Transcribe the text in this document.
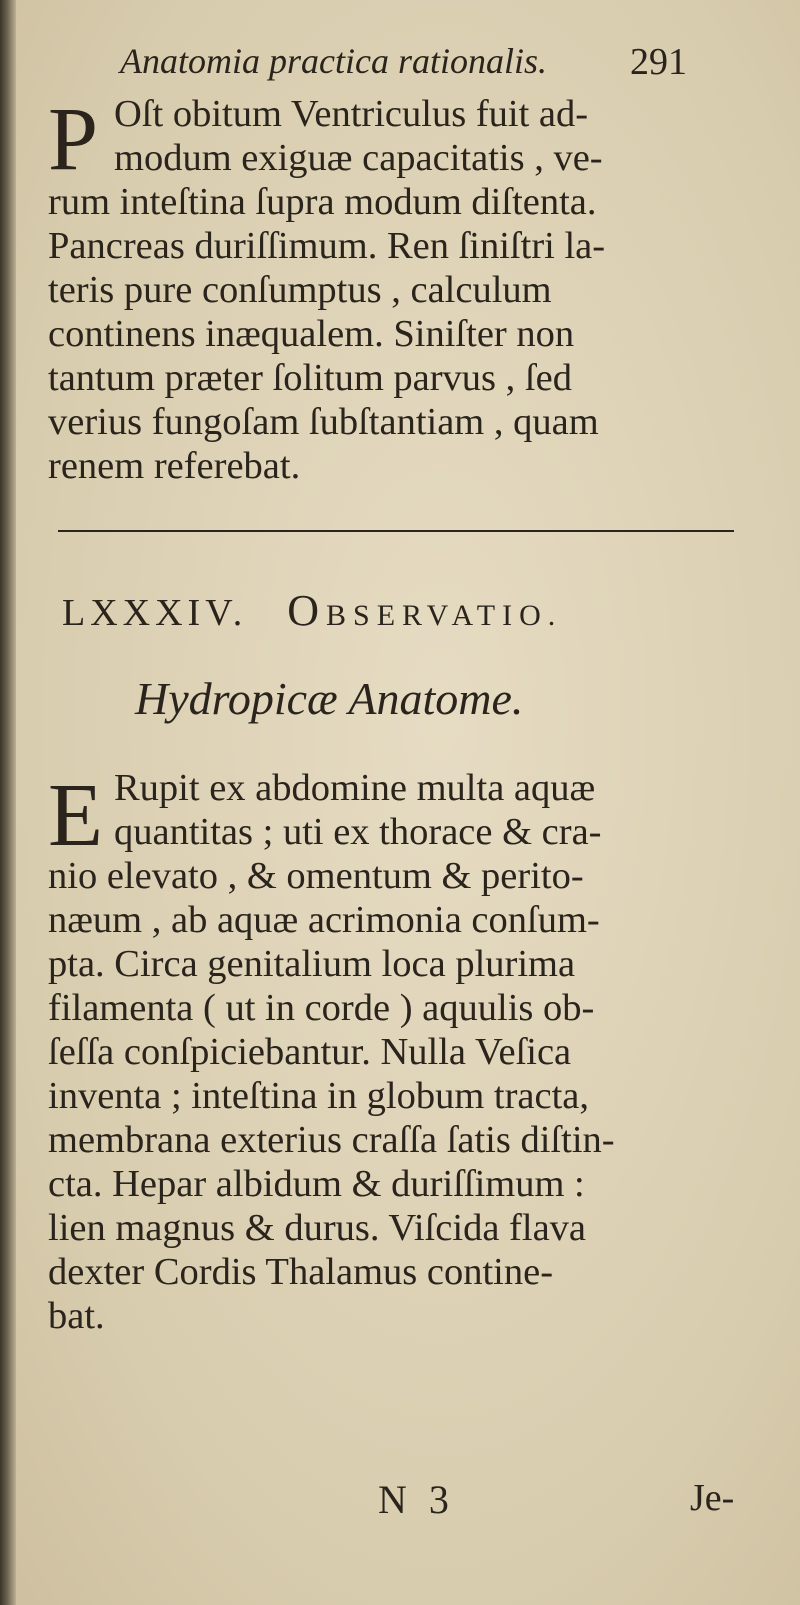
Anatomia practica rationalis. 291
P Oſt obitum Ventriculus fuit ad-
modum exiguæ capacitatis , ve-
rum inteſtina ſupra modum diſtenta.
Pancreas duriſſimum. Ren ſiniſtri la-
teris pure conſumptus , calculum
continens inæqualem. Siniſter non
tantum præter ſolitum parvus , ſed
verius fungoſam ſubſtantiam , quam
renem referebat.
LXXXIV. OBSERVATIO.
Hydropicæ Anatome.
E Rupit ex abdomine multa aquæ
quantitas ; uti ex thorace & cra-
nio elevato , & omentum & perito-
næum , ab aquæ acrimonia conſum-
pta. Circa genitalium loca plurima
filamenta ( ut in corde ) aquulis ob-
ſeſſa conſpiciebantur. Nulla Veſica
inventa ; inteſtina in globum tracta,
membrana exterius craſſa ſatis diſtin-
cta. Hepar albidum & duriſſimum :
lien magnus & durus. Viſcida flava
dexter Cordis Thalamus contine-
bat.
N 3	Je-
